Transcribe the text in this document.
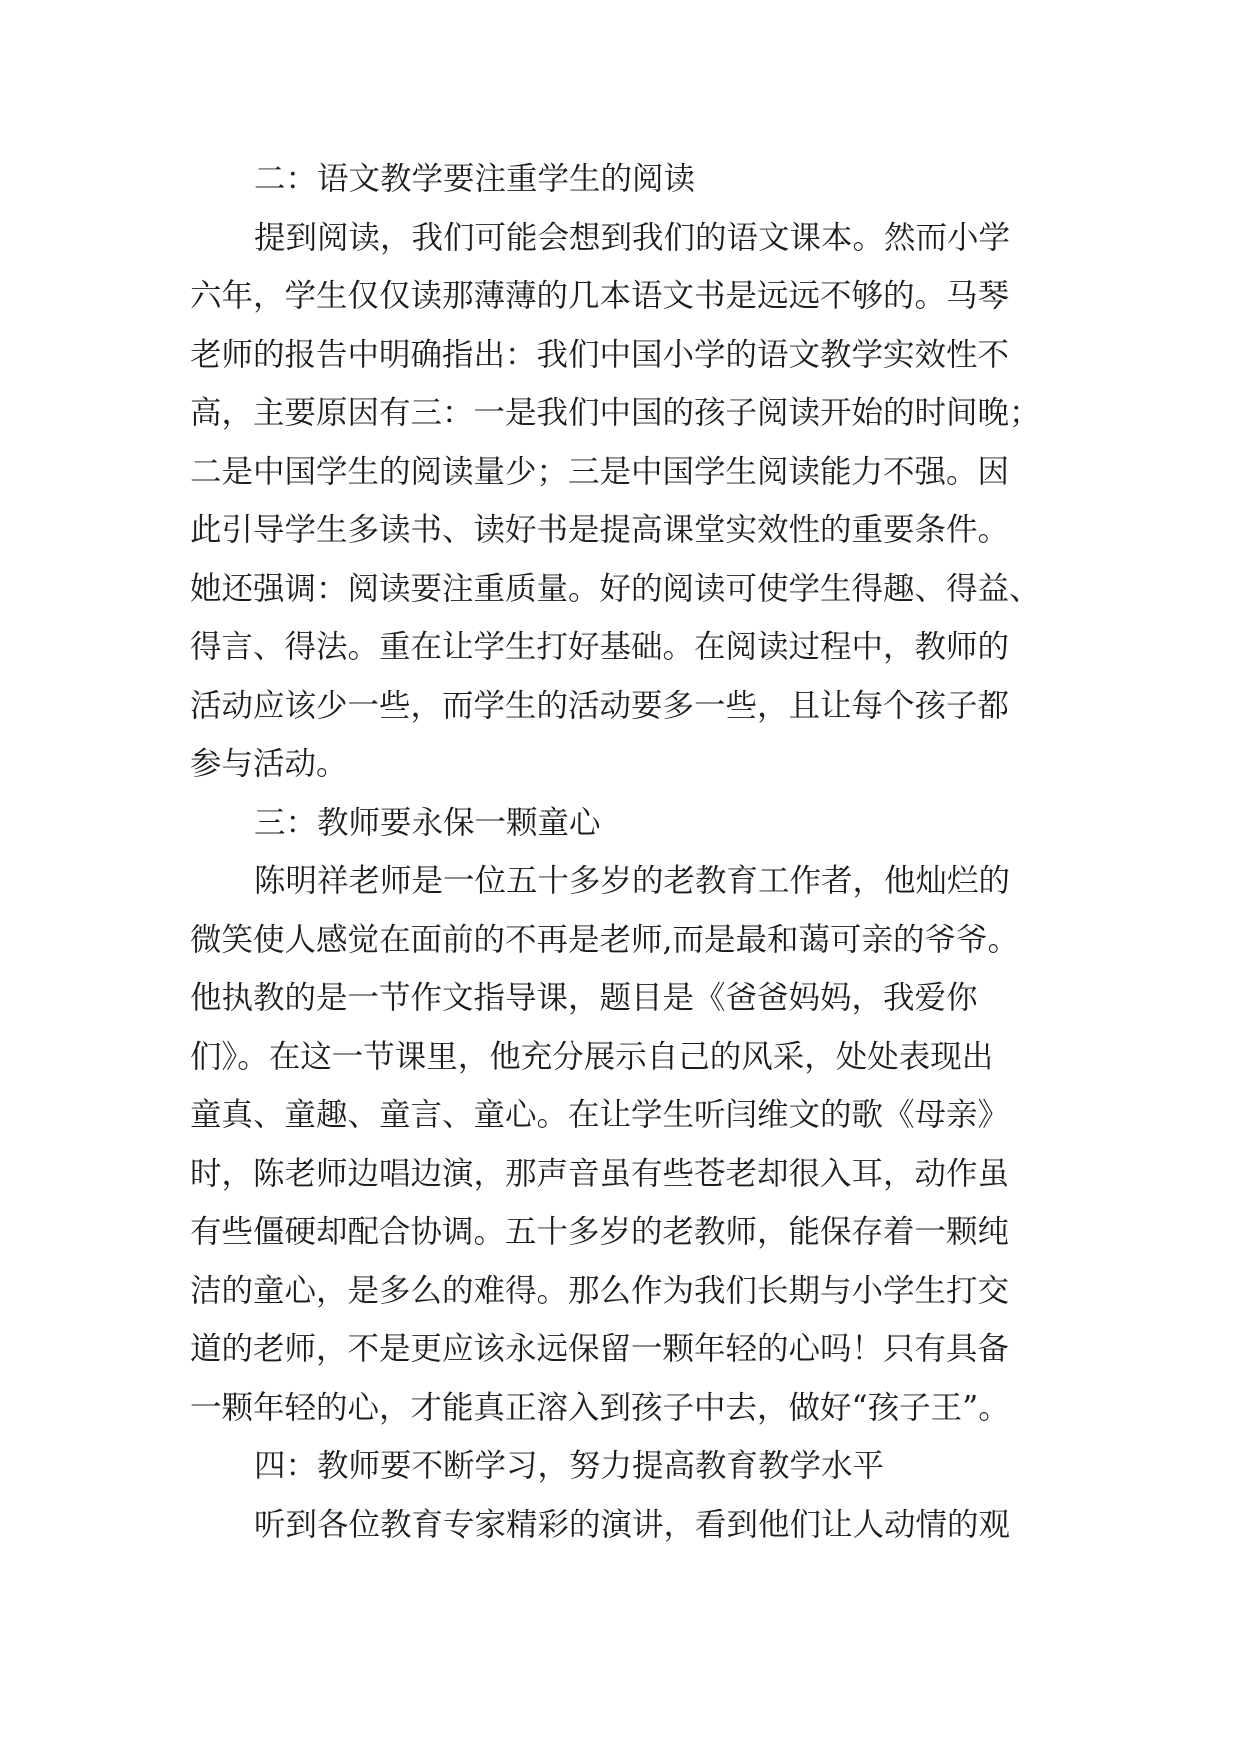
二：语文教学要注重学生的阅读
提到阅读，我们可能会想到我们的语文课本。然而小学
六年，学生仅仅读那薄薄的几本语文书是远远不够的。马琴
老师的报告中明确指出：我们中国小学的语文教学实效性不
高，主要原因有三：一是我们中国的孩子阅读开始的时间晚；
二是中国学生的阅读量少；三是中国学生阅读能力不强。因
此引导学生多读书、读好书是提高课堂实效性的重要条件。
她还强调：阅读要注重质量。好的阅读可使学生得趣、得益、
得言、得法。重在让学生打好基础。在阅读过程中，教师的
活动应该少一些，而学生的活动要多一些，且让每个孩子都
参与活动。
三：教师要永保一颗童心
陈明祥老师是一位五十多岁的老教育工作者，他灿烂的
微笑使人感觉在面前的不再是老师,而是最和蔼可亲的爷爷。
他执教的是一节作文指导课，题目是《爸爸妈妈，我爱你
们》。在这一节课里，他充分展示自己的风采，处处表现出
童真、童趣、童言、童心。在让学生听闫维文的歌《母亲》
时，陈老师边唱边演，那声音虽有些苍老却很入耳，动作虽
有些僵硬却配合协调。五十多岁的老教师，能保存着一颗纯
洁的童心，是多么的难得。那么作为我们长期与小学生打交
道的老师，不是更应该永远保留一颗年轻的心吗！只有具备
一颗年轻的心，才能真正溶入到孩子中去，做好“孩子王”。
四：教师要不断学习，努力提高教育教学水平
听到各位教育专家精彩的演讲，看到他们让人动情的观
